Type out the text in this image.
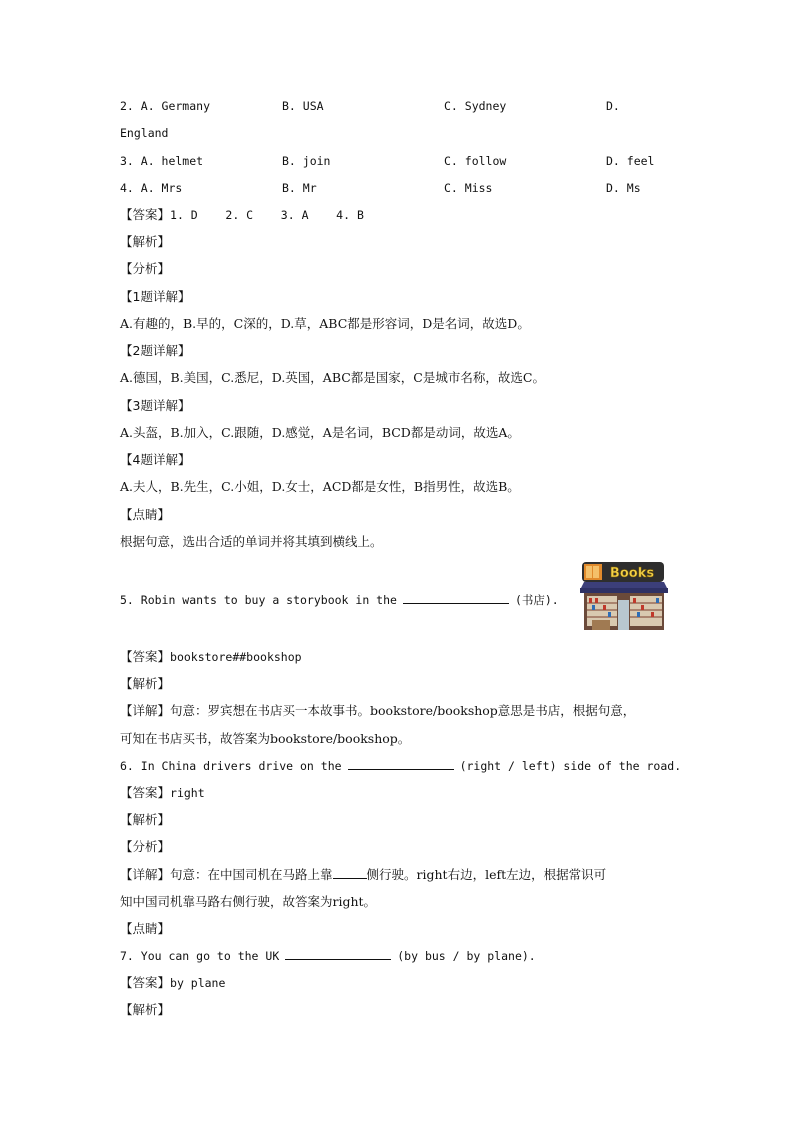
2. A. Germany	B. USA	C. Sydney	D.
England
3. A. helmet	B. join	C. follow	D. feel
4. A. Mrs	B. Mr	C. Miss	D. Ms
【答案】1. D    2. C    3. A    4. B
【解析】
【分析】
【1题详解】
A.有趣的，B.早的，C深的，D.草，ABC都是形容词，D是名词，故选D。
【2题详解】
A.德国，B.美国，C.悉尼，D.英国，ABC都是国家，C是城市名称，故选C。
【3题详解】
A.头盔，B.加入，C.跟随，D.感觉，A是名词，BCD都是动词，故选A。
【4题详解】
A.夫人，B.先生，C.小姐，D.女士，ACD都是女性，B指男性，故选B。
【点睛】
根据句意，选出合适的单词并将其填到横线上。
5. Robin wants to buy a storybook in the	(书店).
Books
【答案】bookstore##bookshop
【解析】
【详解】句意：罗宾想在书店买一本故事书。bookstore/bookshop意思是书店，根据句意，
可知在书店买书，故答案为bookstore/bookshop。
6. In China drivers drive on the	(right / left) side of the road.
【答案】right
【解析】
【分析】
【详解】句意：在中国司机在马路上靠	侧行驶。right右边，left左边，根据常识可
知中国司机靠马路右侧行驶，故答案为right。
【点睛】
7. You can go to the UK	(by bus / by plane).
【答案】by plane
【解析】
